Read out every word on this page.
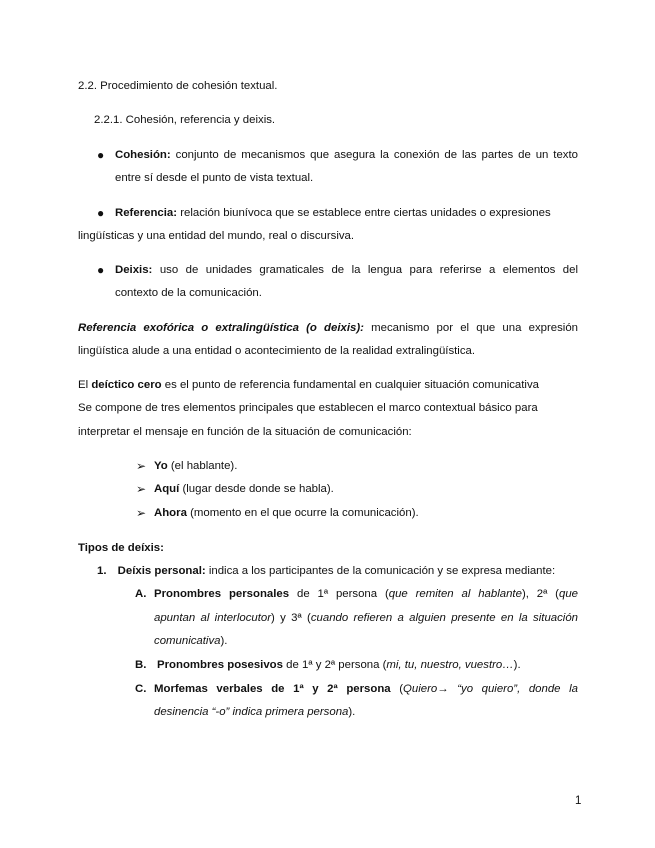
2.2. Procedimiento de cohesión textual.
2.2.1. Cohesión, referencia y deixis.
● Cohesión: conjunto de mecanismos que asegura la conexión de las partes de un texto
entre sí desde el punto de vista textual.
● Referencia: relación biunívoca que se establece entre ciertas unidades o expresiones
lingüísticas y una entidad del mundo, real o discursiva.
● Deixis: uso de unidades gramaticales de la lengua para referirse a elementos del
contexto de la comunicación.
Referencia exofórica o extralingüística (o deixis): mecanismo por el que una expresión
lingüística alude a una entidad o acontecimiento de la realidad extralingüística.
El deíctico cero es el punto de referencia fundamental en cualquier situación comunicativa
Se compone de tres elementos principales que establecen el marco contextual básico para
interpretar el mensaje en función de la situación de comunicación:
➢ Yo (el hablante).
➢ Aquí (lugar desde donde se habla).
➢ Ahora (momento en el que ocurre la comunicación).
Tipos de deíxis:
1. Deíxis personal: indica a los participantes de la comunicación y se expresa mediante:
A. Pronombres personales de 1ª persona (que remiten al hablante), 2ª (que
apuntan al interlocutor) y 3ª (cuando refieren a alguien presente en la situación
comunicativa).
B. Pronombres posesivos de 1ª y 2ª persona (mi, tu, nuestro, vuestro…).
C. Morfemas verbales de 1ª y 2ª persona (Quiero→ “yo quiero”, donde la
desinencia “-o” indica primera persona).
1
